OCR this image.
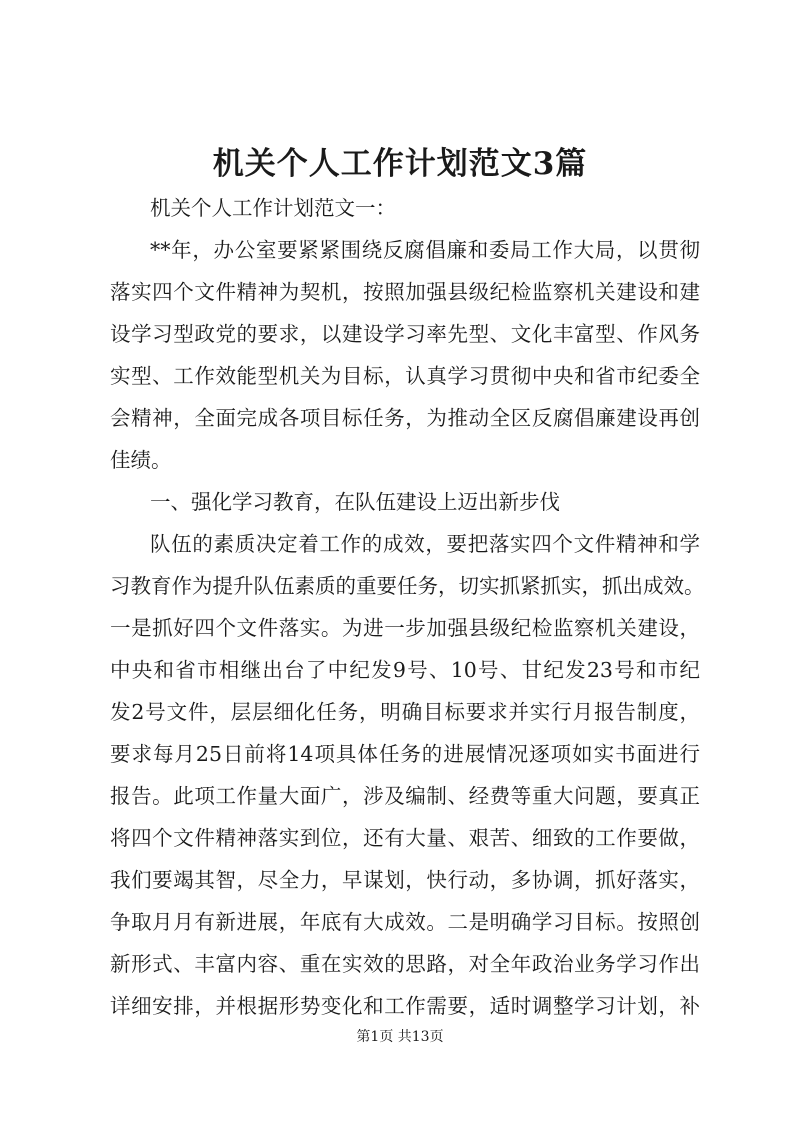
机关个人工作计划范文3篇
机关个人工作计划范文一：
**年，办公室要紧紧围绕反腐倡廉和委局工作大局，以贯彻
落实四个文件精神为契机，按照加强县级纪检监察机关建设和建
设学习型政党的要求，以建设学习率先型、文化丰富型、作风务
实型、工作效能型机关为目标，认真学习贯彻中央和省市纪委全
会精神，全面完成各项目标任务，为推动全区反腐倡廉建设再创
佳绩。
一、强化学习教育，在队伍建设上迈出新步伐
队伍的素质决定着工作的成效，要把落实四个文件精神和学
习教育作为提升队伍素质的重要任务，切实抓紧抓实，抓出成效。
一是抓好四个文件落实。为进一步加强县级纪检监察机关建设，
中央和省市相继出台了中纪发9号、10号、甘纪发23号和市纪
发2号文件，层层细化任务，明确目标要求并实行月报告制度，
要求每月25日前将14项具体任务的进展情况逐项如实书面进行
报告。此项工作量大面广，涉及编制、经费等重大问题，要真正
将四个文件精神落实到位，还有大量、艰苦、细致的工作要做，
我们要竭其智，尽全力，早谋划，快行动，多协调，抓好落实，
争取月月有新进展，年底有大成效。二是明确学习目标。按照创
新形式、丰富内容、重在实效的思路，对全年政治业务学习作出
详细安排，并根据形势变化和工作需要，适时调整学习计划，补
第1页 共13页
